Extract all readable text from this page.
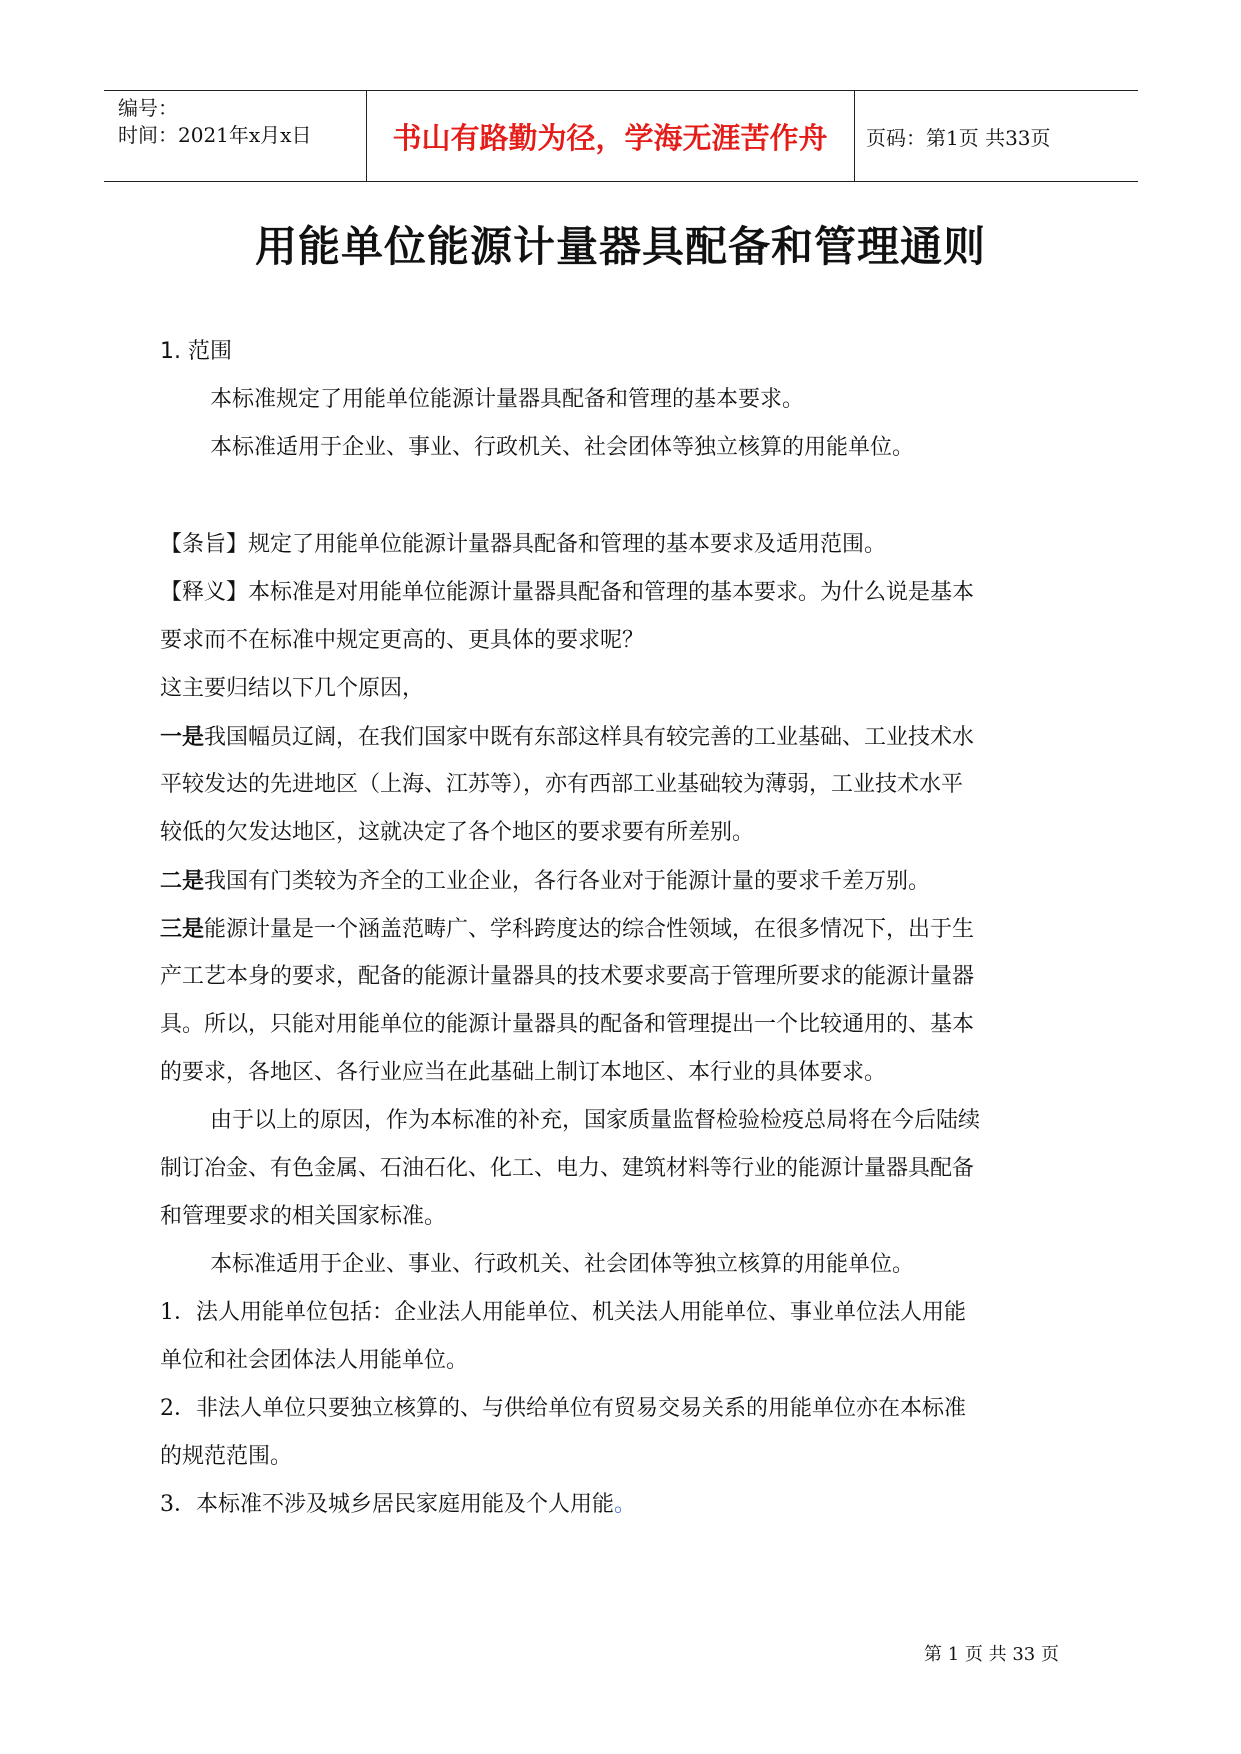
编号：
时间：2021年x月x日	书山有路勤为径，学海无涯苦作舟	页码：第1页 共33页
用能单位能源计量器具配备和管理通则
1. 范围
本标准规定了用能单位能源计量器具配备和管理的基本要求。
本标准适用于企业、事业、行政机关、社会团体等独立核算的用能单位。
【条旨】规定了用能单位能源计量器具配备和管理的基本要求及适用范围。
【释义】本标准是对用能单位能源计量器具配备和管理的基本要求。为什么说是基本
要求而不在标准中规定更高的、更具体的要求呢？
这主要归结以下几个原因，
一是我国幅员辽阔，在我们国家中既有东部这样具有较完善的工业基础、工业技术水
平较发达的先进地区（上海、江苏等），亦有西部工业基础较为薄弱，工业技术水平
较低的欠发达地区，这就决定了各个地区的要求要有所差别。
二是我国有门类较为齐全的工业企业，各行各业对于能源计量的要求千差万别。
三是能源计量是一个涵盖范畴广、学科跨度达的综合性领域，在很多情况下，出于生
产工艺本身的要求，配备的能源计量器具的技术要求要高于管理所要求的能源计量器
具。所以，只能对用能单位的能源计量器具的配备和管理提出一个比较通用的、基本
的要求，各地区、各行业应当在此基础上制订本地区、本行业的具体要求。
由于以上的原因，作为本标准的补充，国家质量监督检验检疫总局将在今后陆续
制订冶金、有色金属、石油石化、化工、电力、建筑材料等行业的能源计量器具配备
和管理要求的相关国家标准。
本标准适用于企业、事业、行政机关、社会团体等独立核算的用能单位。
1．法人用能单位包括：企业法人用能单位、机关法人用能单位、事业单位法人用能
单位和社会团体法人用能单位。
2．非法人单位只要独立核算的、与供给单位有贸易交易关系的用能单位亦在本标准
的规范范围。
3．本标准不涉及城乡居民家庭用能及个人用能。
第 1 页 共 33 页
